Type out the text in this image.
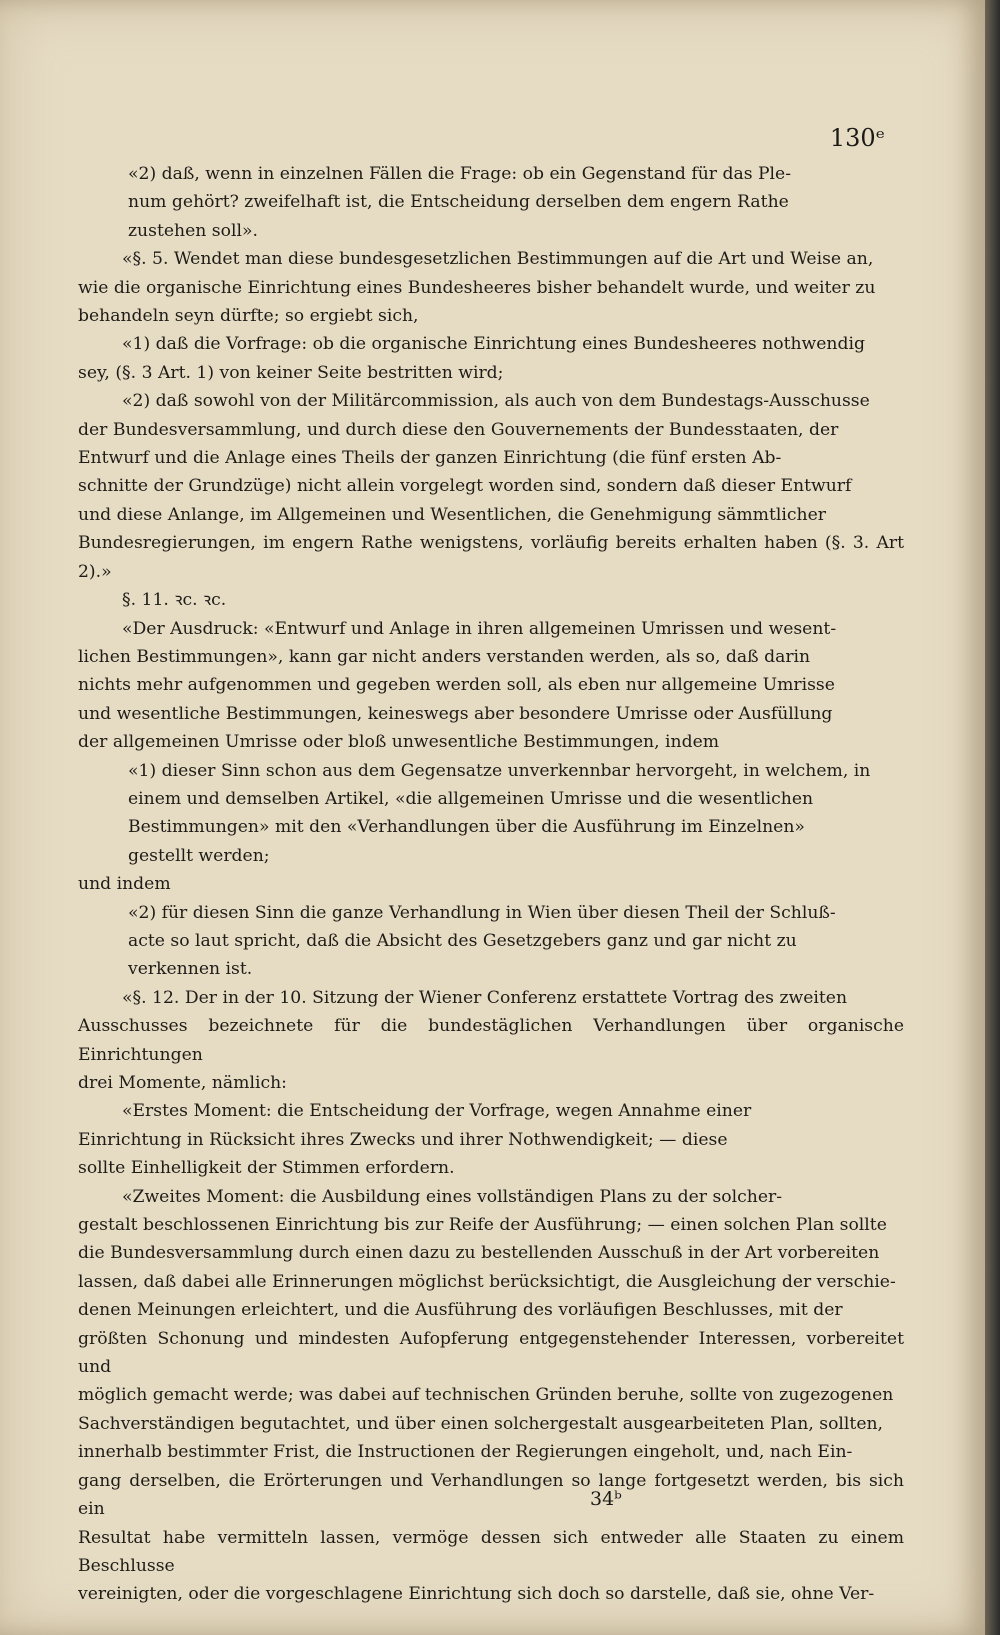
130ᵉ

«2) daß, wenn in einzelnen Fällen die Frage: ob ein Gegenstand für das Ple-
num gehört? zweifelhaft ist, die Entscheidung derselben dem engern Rathe
zustehen soll».

«§. 5. Wendet man diese bundesgesetzlichen Bestimmungen auf die Art und Weise an,
wie die organische Einrichtung eines Bundesheeres bisher behandelt wurde, und weiter zu
behandeln seyn dürfte; so ergiebt sich,

«1) daß die Vorfrage: ob die organische Einrichtung eines Bundesheeres nothwendig
sey, (§. 3 Art. 1) von keiner Seite bestritten wird;

«2) daß sowohl von der Militärcommission, als auch von dem Bundestags-Ausschusse
der Bundesversammlung, und durch diese den Gouvernements der Bundesstaaten, der
Entwurf und die Anlage eines Theils der ganzen Einrichtung (die fünf ersten Ab-
schnitte der Grundzüge) nicht allein vorgelegt worden sind, sondern daß dieser Entwurf
und diese Anlange, im Allgemeinen und Wesentlichen, die Genehmigung sämmtlicher
Bundesregierungen, im engern Rathe wenigstens, vorläufig bereits erhalten haben (§. 3. Art 2).»

§. 11. ꝛc. ꝛc.

«Der Ausdruck: «Entwurf und Anlage in ihren allgemeinen Umrissen und wesent-
lichen Bestimmungen», kann gar nicht anders verstanden werden, als so, daß darin
nichts mehr aufgenommen und gegeben werden soll, als eben nur allgemeine Umrisse
und wesentliche Bestimmungen, keineswegs aber besondere Umrisse oder Ausfüllung
der allgemeinen Umrisse oder bloß unwesentliche Bestimmungen, indem

«1) dieser Sinn schon aus dem Gegensatze unverkennbar hervorgeht, in welchem, in
einem und demselben Artikel, «die allgemeinen Umrisse und die wesentlichen
Bestimmungen» mit den «Verhandlungen über die Ausführung im Einzelnen»
gestellt werden;

und indem

«2) für diesen Sinn die ganze Verhandlung in Wien über diesen Theil der Schluß-
acte so laut spricht, daß die Absicht des Gesetzgebers ganz und gar nicht zu
verkennen ist.

«§. 12. Der in der 10. Sitzung der Wiener Conferenz erstattete Vortrag des zweiten
Ausschusses bezeichnete für die bundestäglichen Verhandlungen über organische Einrichtungen
drei Momente, nämlich:

«Erstes Moment: die Entscheidung der Vorfrage, wegen Annahme einer
Einrichtung in Rücksicht ihres Zwecks und ihrer Nothwendigkeit; — diese
sollte Einhelligkeit der Stimmen erfordern.

«Zweites Moment: die Ausbildung eines vollständigen Plans zu der solcher-
gestalt beschlossenen Einrichtung bis zur Reife der Ausführung; — einen solchen Plan sollte
die Bundesversammlung durch einen dazu zu bestellenden Ausschuß in der Art vorbereiten
lassen, daß dabei alle Erinnerungen möglichst berücksichtigt, die Ausgleichung der verschie-
denen Meinungen erleichtert, und die Ausführung des vorläufigen Beschlusses, mit der
größten Schonung und mindesten Aufopferung entgegenstehender Interessen, vorbereitet und
möglich gemacht werde; was dabei auf technischen Gründen beruhe, sollte von zugezogenen
Sachverständigen begutachtet, und über einen solchergestalt ausgearbeiteten Plan, sollten,
innerhalb bestimmter Frist, die Instructionen der Regierungen eingeholt, und, nach Ein-
gang derselben, die Erörterungen und Verhandlungen so lange fortgesetzt werden, bis sich ein
Resultat habe vermitteln lassen, vermöge dessen sich entweder alle Staaten zu einem Beschlusse
vereinigten, oder die vorgeschlagene Einrichtung sich doch so darstelle, daß sie, ohne Ver-

34ᵇ
